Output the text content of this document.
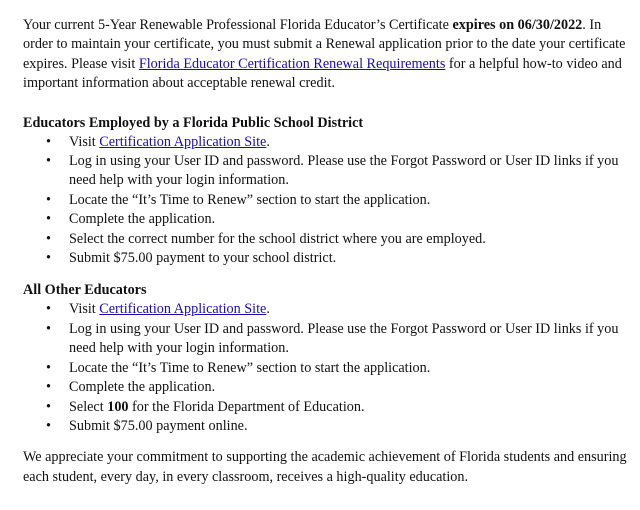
Your current 5-Year Renewable Professional Florida Educator’s Certificate expires on 06/30/2022. In order to maintain your certificate, you must submit a Renewal application prior to the date your certificate expires. Please visit Florida Educator Certification Renewal Requirements for a helpful how-to video and important information about acceptable renewal credit.

Educators Employed by a Florida Public School District
• Visit Certification Application Site.
• Log in using your User ID and password. Please use the Forgot Password or User ID links if you need help with your login information.
• Locate the “It’s Time to Renew” section to start the application.
• Complete the application.
• Select the correct number for the school district where you are employed.
• Submit $75.00 payment to your school district.
All Other Educators
• Visit Certification Application Site.
• Log in using your User ID and password. Please use the Forgot Password or User ID links if you need help with your login information.
• Locate the “It’s Time to Renew” section to start the application.
• Complete the application.
• Select 100 for the Florida Department of Education.
• Submit $75.00 payment online.

We appreciate your commitment to supporting the academic achievement of Florida students and ensuring each student, every day, in every classroom, receives a high-quality education.
